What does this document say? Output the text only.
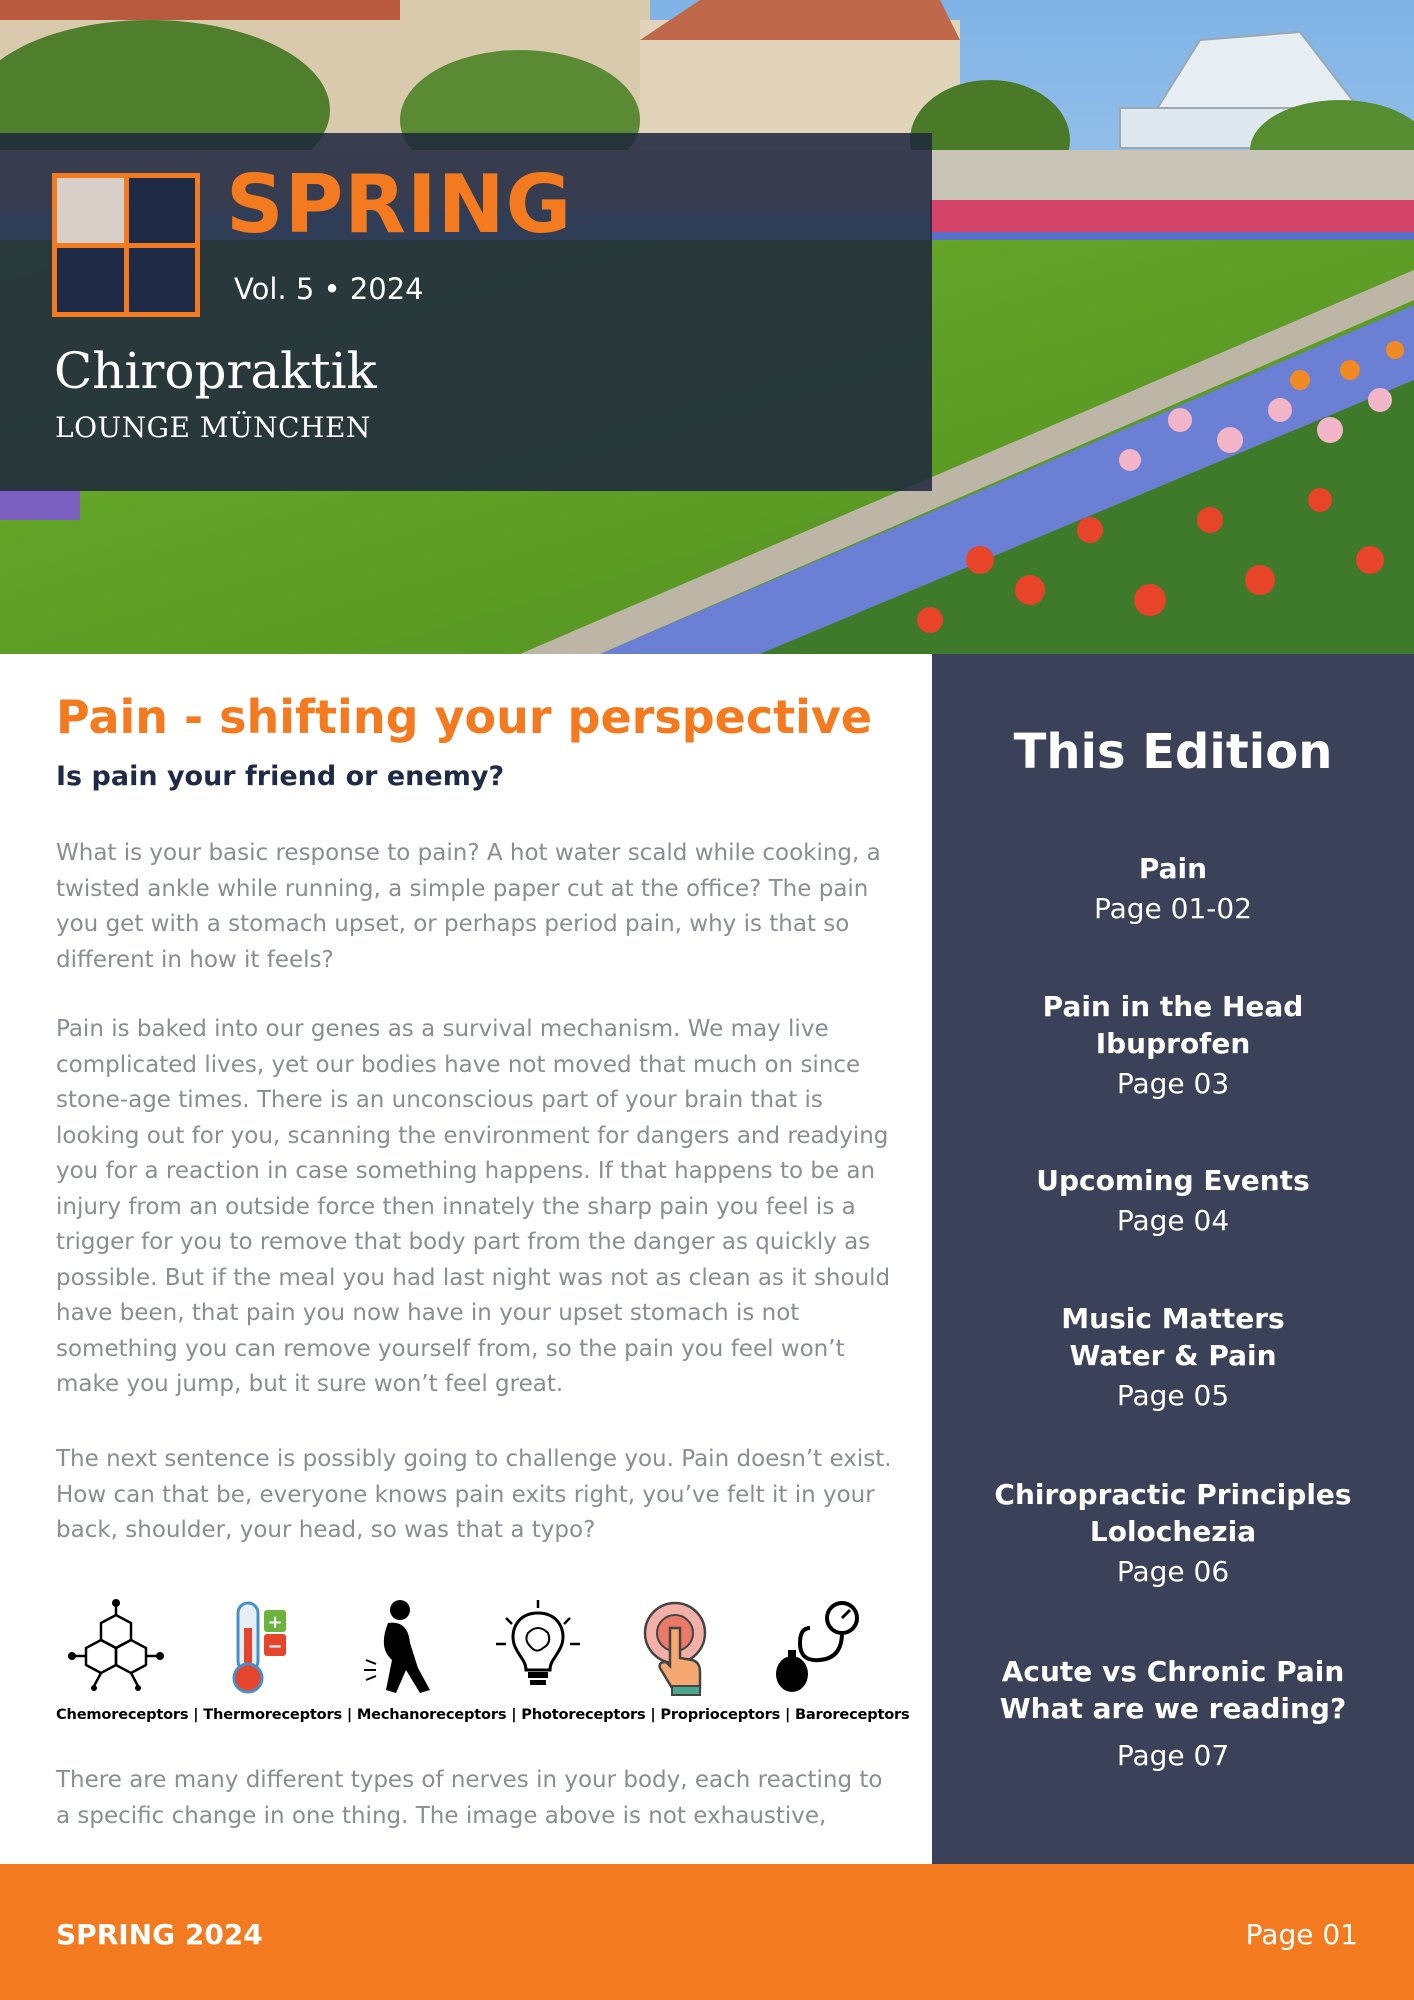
SPRING
Vol. 5 • 2024
Chiropraktik
LOUNGE MÜNCHEN
Pain - shifting your perspective
Is pain your friend or enemy?

What is your basic response to pain? A hot water scald while cooking, a twisted ankle while running, a simple paper cut at the office? The pain you get with a stomach upset, or perhaps period pain, why is that so different in how it feels?

Pain is baked into our genes as a survival mechanism. We may live complicated lives, yet our bodies have not moved that much on since stone-age times. There is an unconscious part of your brain that is looking out for you, scanning the environment for dangers and readying you for a reaction in case something happens. If that happens to be an injury from an outside force then innately the sharp pain you feel is a trigger for you to remove that body part from the danger as quickly as possible. But if the meal you had last night was not as clean as it should have been, that pain you now have in your upset stomach is not something you can remove yourself from, so the pain you feel won’t make you jump, but it sure won’t feel great.

The next sentence is possibly going to challenge you. Pain doesn’t exist. How can that be, everyone knows pain exits right, you’ve felt it in your back, shoulder, your head, so was that a typo?

There are many different types of nerves in your body, each reacting to a specific change in one thing. The image above is not exhaustive,

+
−
Chemoreceptors | Thermoreceptors | Mechanoreceptors | Photoreceptors | Proprioceptors | Baroreceptors
This Edition
Pain
Page 01-02
Pain in the Head
Ibuprofen
Page 03
Upcoming Events
Page 04
Music Matters
Water & Pain
Page 05
Chiropractic Principles
Lolochezia
Page 06
Acute vs Chronic Pain
What are we reading?
Page 07
SPRING 2024	Page 01
